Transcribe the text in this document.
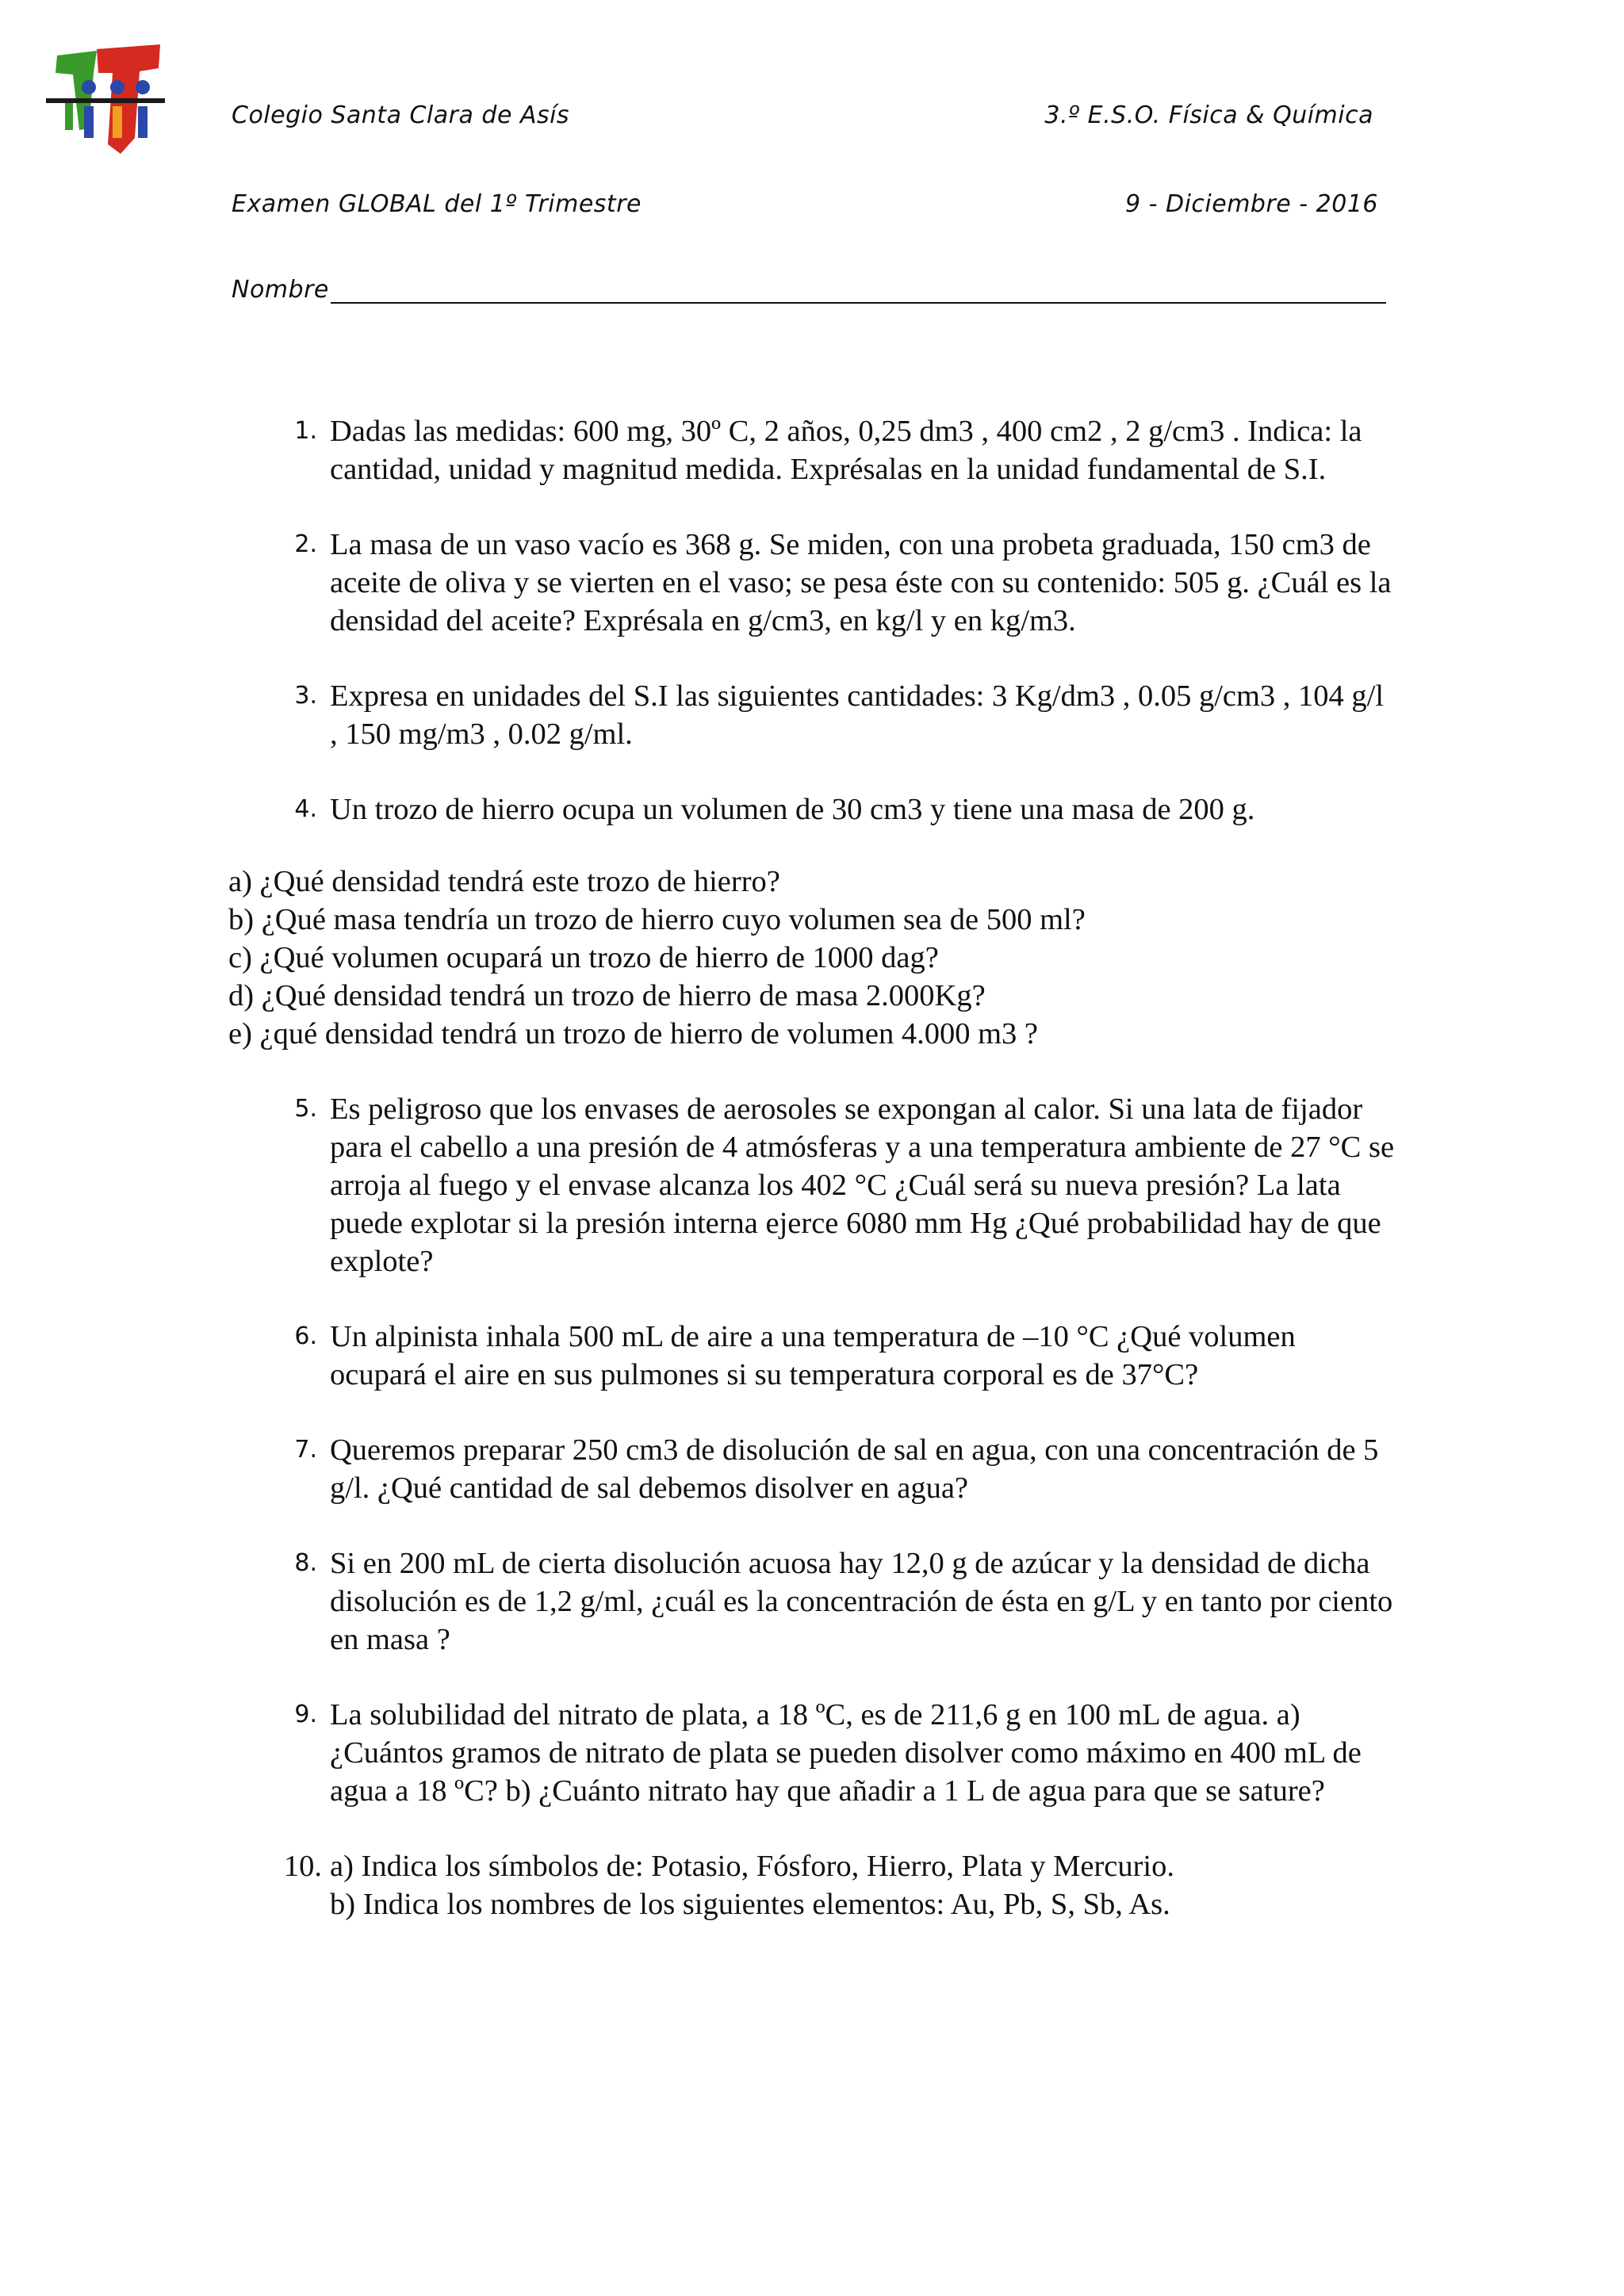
Colegio Santa Clara de Asís	3.º E.S.O. Física & Química
Examen GLOBAL del 1º Trimestre	9 - Diciembre - 2016
Nombre
1. Dadas las medidas: 600 mg, 30º C, 2 años, 0,25 dm3 , 400 cm2 , 2 g/cm3 . Indica: la cantidad, unidad y magnitud medida. Exprésalas en la unidad fundamental de S.I.
2. La masa de un vaso vacío es 368 g. Se miden, con una probeta graduada, 150 cm3 de aceite de oliva y se vierten en el vaso; se pesa éste con su contenido: 505 g. ¿Cuál es la densidad del aceite? Exprésala en g/cm3, en kg/l y en kg/m3.
3. Expresa en unidades del S.I las siguientes cantidades: 3 Kg/dm3 , 0.05 g/cm3 , 104 g/l , 150 mg/m3 , 0.02 g/ml.
4. Un trozo de hierro ocupa un volumen de 30 cm3 y tiene una masa de 200 g.
a) ¿Qué densidad tendrá este trozo de hierro?
b) ¿Qué masa tendría un trozo de hierro cuyo volumen sea de 500 ml?
c) ¿Qué volumen ocupará un trozo de hierro de 1000 dag?
d) ¿Qué densidad tendrá un trozo de hierro de masa 2.000Kg?
e) ¿qué densidad tendrá un trozo de hierro de volumen 4.000 m3 ?
5. Es peligroso que los envases de aerosoles se expongan al calor. Si una lata de fijador para el cabello a una presión de 4 atmósferas y a una temperatura ambiente de 27 °C se arroja al fuego y el envase alcanza los 402 °C ¿Cuál será su nueva presión? La lata puede explotar si la presión interna ejerce 6080 mm Hg ¿Qué probabilidad hay de que explote?
6. Un alpinista inhala 500 mL de aire a una temperatura de –10 °C ¿Qué volumen ocupará el aire en sus pulmones si su temperatura corporal es de 37°C?
7. Queremos preparar 250 cm3 de disolución de sal en agua, con una concentración de 5 g/l. ¿Qué cantidad de sal debemos disolver en agua?
8. Si en 200 mL de cierta disolución acuosa hay 12,0 g de azúcar y la densidad de dicha disolución es de 1,2 g/ml, ¿cuál es la concentración de ésta en g/L y en tanto por ciento en masa ?
9. La solubilidad del nitrato de plata, a 18 ºC, es de 211,6 g en 100 mL de agua. a) ¿Cuántos gramos de nitrato de plata se pueden disolver como máximo en 400 mL de agua a 18 ºC? b) ¿Cuánto nitrato hay que añadir a 1 L de agua para que se sature?
10. a) Indica los símbolos de: Potasio, Fósforo, Hierro, Plata y Mercurio.
b) Indica los nombres de los siguientes elementos: Au, Pb, S, Sb, As.
